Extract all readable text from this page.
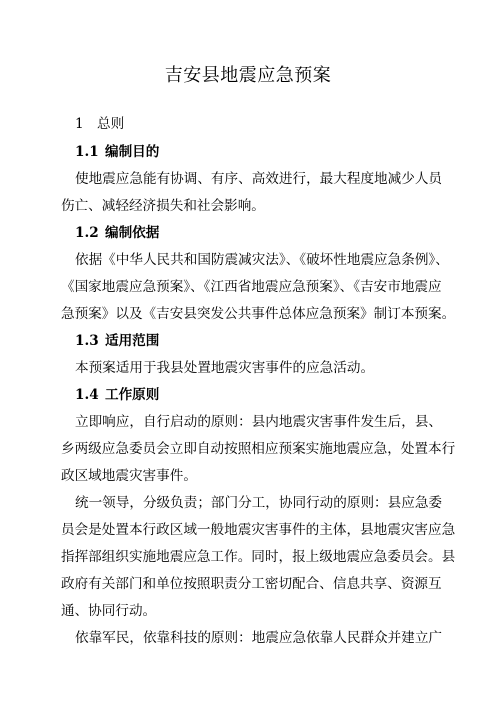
吉安县地震应急预案
1 总则
1.1 编制目的
使地震应急能有协调、有序、高效进行，最大程度地减少人员
伤亡、减轻经济损失和社会影响。
1.2 编制依据
依据《中华人民共和国防震减灾法》、《破坏性地震应急条例》、
《国家地震应急预案》、《江西省地震应急预案》、《吉安市地震应
急预案》以及《吉安县突发公共事件总体应急预案》制订本预案。
1.3 适用范围
本预案适用于我县处置地震灾害事件的应急活动。
1.4 工作原则
立即响应，自行启动的原则：县内地震灾害事件发生后，县、
乡两级应急委员会立即自动按照相应预案实施地震应急，处置本行
政区域地震灾害事件。
统一领导，分级负责；部门分工，协同行动的原则：县应急委
员会是处置本行政区域一般地震灾害事件的主体，县地震灾害应急
指挥部组织实施地震应急工作。同时，报上级地震应急委员会。县
政府有关部门和单位按照职责分工密切配合、信息共享、资源互
通、协同行动。
依靠军民，依靠科技的原则：地震应急依靠人民群众并建立广
